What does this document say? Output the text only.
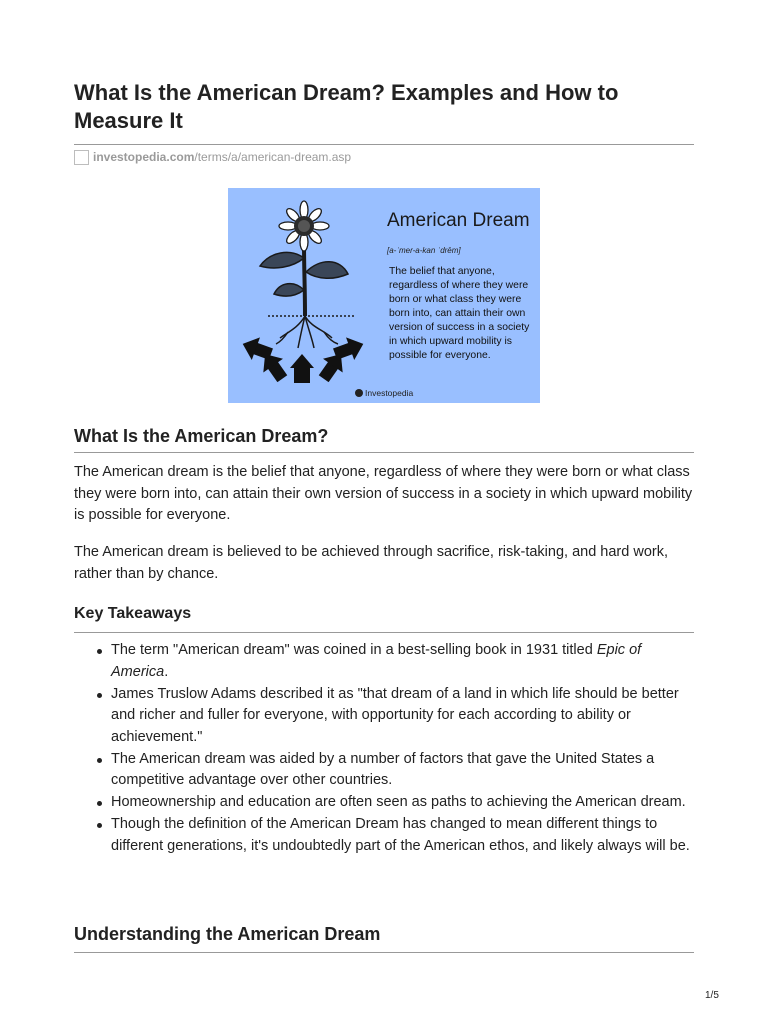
What Is the American Dream? Examples and How to Measure It
investopedia.com/terms/a/american-dream.asp
American Dream
[a-ˈmer-a-kan ˈdrēm]
The belief that anyone, regardless of where they were born or what class they were born into, can attain their own version of success in a society in which upward mobility is possible for everyone.
Investopedia
What Is the American Dream?

The American dream is the belief that anyone, regardless of where they were born or what class they were born into, can attain their own version of success in a society in which upward mobility is possible for everyone.

The American dream is believed to be achieved through sacrifice, risk-taking, and hard work, rather than by chance.

Key Takeaways
The term "American dream" was coined in a best-selling book in 1931 titled Epic of America.
James Truslow Adams described it as "that dream of a land in which life should be better and richer and fuller for everyone, with opportunity for each according to ability or achievement."
The American dream was aided by a number of factors that gave the United States a competitive advantage over other countries.
Homeownership and education are often seen as paths to achieving the American dream.
Though the definition of the American Dream has changed to mean different things to different generations, it's undoubtedly part of the American ethos, and likely always will be.
Understanding the American Dream
1/5
